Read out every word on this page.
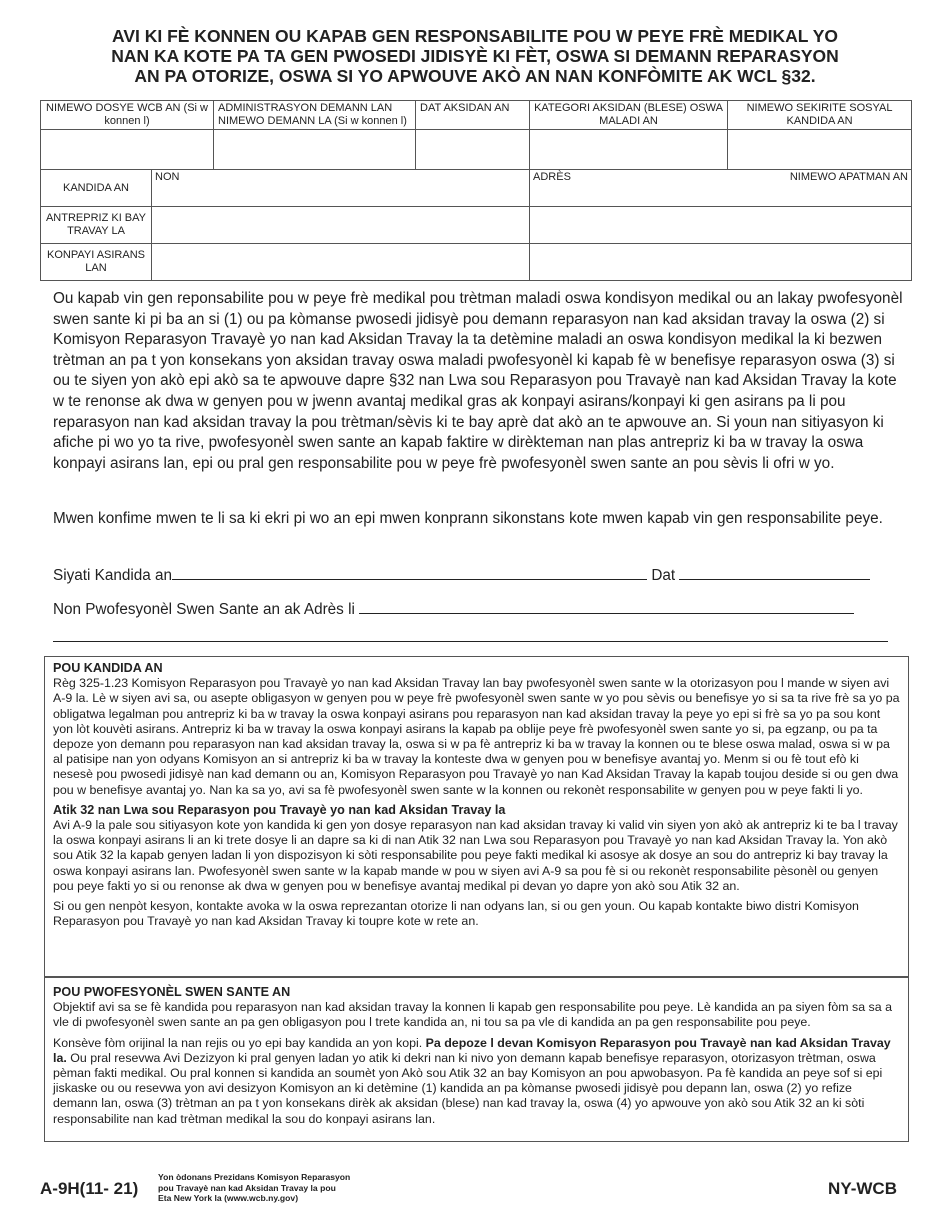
AVI KI FÈ KONNEN OU KAPAB GEN RESPONSABILITE POU W PEYE FRÈ MEDIKAL YO
NAN KA KOTE PA TA GEN PWOSEDI JIDISYÈ KI FÈT, OSWA SI DEMANN REPARASYON
AN PA OTORIZE, OSWA SI YO APWOUVE AKÒ AN NAN KONFÒMITE AK WCL §32.
NIMEWO DOSYE WCB AN (Si w konnen l)		ADMINISTRASYON DEMANN LAN NIMEWO DEMANN LA (Si w konnen l)	DAT AKSIDAN AN	KATEGORI AKSIDAN (BLESE) OSWA MALADI AN	NIMEWO SEKIRITE SOSYAL KANDIDA AN

KANDIDA AN	NON			ADRÈS NIMEWO APATMAN AN	

ANTREPRIZ KI BAY TRAVAY LA					
KONPAYI ASIRANS LAN					
Ou kapab vin gen reponsabilite pou w peye frè medikal pou trètman maladi oswa kondisyon medikal ou an lakay pwofesyonèl swen sante ki pi ba an si (1) ou pa kòmanse pwosedi jidisyè pou demann reparasyon nan kad aksidan travay la oswa (2) si Komisyon Reparasyon Travayè yo nan kad Aksidan Travay la ta detèmine maladi an oswa kondisyon medikal la ki bezwen trètman an pa t yon konsekans yon aksidan travay oswa maladi pwofesyonèl ki kapab fè w benefisye reparasyon oswa (3) si ou te siyen yon akò epi akò sa te apwouve dapre §32 nan Lwa sou Reparasyon pou Travayè nan kad Aksidan Travay la kote w te renonse ak dwa w genyen pou w jwenn avantaj medikal gras ak konpayi asirans/konpayi ki gen asirans pa li pou reparasyon nan kad aksidan travay la pou trètman/sèvis ki te bay aprè dat akò an te apwouve an. Si youn nan sitiyasyon ki afiche pi wo yo ta rive, pwofesyonèl swen sante an kapab faktire w dirèkteman nan plas antrepriz ki ba w travay la oswa konpayi asirans lan, epi ou pral gen responsabilite pou w peye frè pwofesyonèl swen sante an pou sèvis li ofri w yo.
Mwen konfime mwen te li sa ki ekri pi wo an epi mwen konprann sikonstans kote mwen kapab vin gen responsabilite peye.
Siyati Kandida an	Dat
Non Pwofesyonèl Swen Sante an ak Adrès li
POU KANDIDA AN

Règ 325-1.23 Komisyon Reparasyon pou Travayè yo nan kad Aksidan Travay lan bay pwofesyonèl swen sante w la otorizasyon pou l mande w siyen avi A-9 la. Lè w siyen avi sa, ou asepte obligasyon w genyen pou w peye frè pwofesyonèl swen sante w yo pou sèvis ou benefisye yo si sa ta rive frè sa yo pa obligatwa legalman pou antrepriz ki ba w travay la oswa konpayi asirans pou reparasyon nan kad aksidan travay la peye yo epi si frè sa yo pa sou kont yon lòt kouvèti asirans. Antrepriz ki ba w travay la oswa konpayi asirans la kapab pa oblije peye frè pwofesyonèl swen sante yo si, pa egzanp, ou pa ta depoze yon demann pou reparasyon nan kad aksidan travay la, oswa si w pa fè antrepriz ki ba w travay la konnen ou te blese oswa malad, oswa si w pa al patisipe nan yon odyans Komisyon an si antrepriz ki ba w travay la konteste dwa w genyen pou w benefisye avantaj yo. Menm si ou fè tout efò ki nesesè pou pwosedi jidisyè nan kad demann ou an, Komisyon Reparasyon pou Travayè yo nan Kad Aksidan Travay la kapab toujou deside si ou gen dwa pou w benefisye avantaj yo. Nan ka sa yo, avi sa fè pwofesyonèl swen sante w la konnen ou rekonèt responsabilite w genyen pou w peye fakti li yo.

Atik 32 nan Lwa sou Reparasyon pou Travayè yo nan kad Aksidan Travay la

Avi A-9 la pale sou sitiyasyon kote yon kandida ki gen yon dosye reparasyon nan kad aksidan travay ki valid vin siyen yon akò ak antrepriz ki te ba l travay la oswa konpayi asirans li an ki trete dosye li an dapre sa ki di nan Atik 32 nan Lwa sou Reparasyon pou Travayè yo nan kad Aksidan Travay la. Yon akò sou Atik 32 la kapab genyen ladan li yon dispozisyon ki sòti responsabilite pou peye fakti medikal ki asosye ak dosye an sou do antrepriz ki bay travay la oswa konpayi asirans lan. Pwofesyonèl swen sante w la kapab mande w pou w siyen avi A-9 sa pou fè si ou rekonèt responsabilite pèsonèl ou genyen pou peye fakti yo si ou renonse ak dwa w genyen pou w benefisye avantaj medikal pi devan yo dapre yon akò sou Atik 32 an.

Si ou gen nenpòt kesyon, kontakte avoka w la oswa reprezantan otorize li nan odyans lan, si ou gen youn. Ou kapab kontakte biwo distri Komisyon Reparasyon pou Travayè yo nan kad Aksidan Travay ki toupre kote w rete an.

POU PWOFESYONÈL SWEN SANTE AN

Objektif avi sa se fè kandida pou reparasyon nan kad aksidan travay la konnen li kapab gen responsabilite pou peye. Lè kandida an pa siyen fòm sa sa a vle di pwofesyonèl swen sante an pa gen obligasyon pou l trete kandida an, ni tou sa pa vle di kandida an pa gen responsabilite pou peye.

Konsève fòm orijinal la nan rejis ou yo epi bay kandida an yon kopi. Pa depoze l devan Komisyon Reparasyon pou Travayè nan kad Aksidan Travay la. Ou pral resevwa Avi Dezizyon ki pral genyen ladan yo atik ki dekri nan ki nivo yon demann kapab benefisye reparasyon, otorizasyon trètman, oswa pèman fakti medikal. Ou pral konnen si kandida an soumèt yon Akò sou Atik 32 an bay Komisyon an pou apwobasyon. Pa fè kandida an peye sof si epi jiskaske ou ou resevwa yon avi desizyon Komisyon an ki detèmine (1) kandida an pa kòmanse pwosedi jidisyè pou depann lan, oswa (2) yo refize demann lan, oswa (3) trètman an pa t yon konsekans dirèk ak aksidan (blese) nan kad travay la, oswa (4) yo apwouve yon akò sou Atik 32 an ki sòti responsabilite nan kad trètman medikal la sou do konpayi asirans lan.

A-9H(11- 21)
Yon òdonans Prezidans Komisyon Reparasyon
pou Travayè nan kad Aksidan Travay la pou
Eta New York la (www.wcb.ny.gov)	NY-WCB
